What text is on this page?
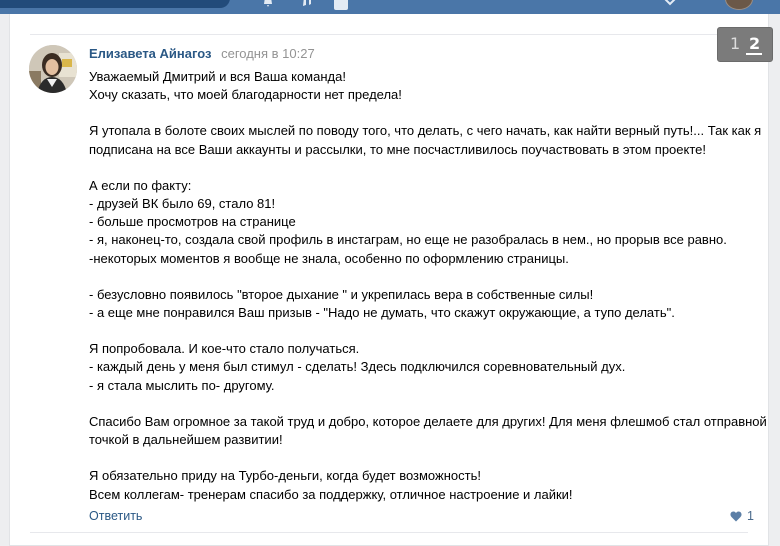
Елизавета Айнагоз сегодня в 10:27

Уважаемый Дмитрий и вся Ваша команда!

Хочу сказать, что моей благодарности нет предела!

Я утопала в болоте своих мыслей по поводу того, что делать, с чего начать, как найти верный путь!... Так как я

подписана на все Ваши аккаунты и рассылки, то мне посчастливилось поучаствовать в этом проекте!

А если по факту:

- друзей ВК было 69, стало 81!

- больше просмотров на странице

- я, наконец-то, создала свой профиль в инстаграм, но еще не разобралась в нем., но прорыв все равно.

-некоторых моментов я вообще не знала, особенно по оформлению страницы.

- безусловно появилось "второе дыхание " и укрепилась вера в собственные силы!

- а еще мне понравился Ваш призыв - "Надо не думать, что скажут окружающие, а тупо делать".

Я попробовала. И кое-что стало получаться.

- каждый день у меня был стимул - сделать! Здесь подключился соревновательный дух.

- я стала мыслить по- другому.

Спасибо Вам огромное за такой труд и добро, которое делаете для других! Для меня флешмоб стал отправной

точкой в дальнейшем развитии!

Я обязательно приду на Турбо-деньги, когда будет возможность!

Всем коллегам- тренерам спасибо за поддержку, отличное настроение и лайки!

Ответить	1
1 2
